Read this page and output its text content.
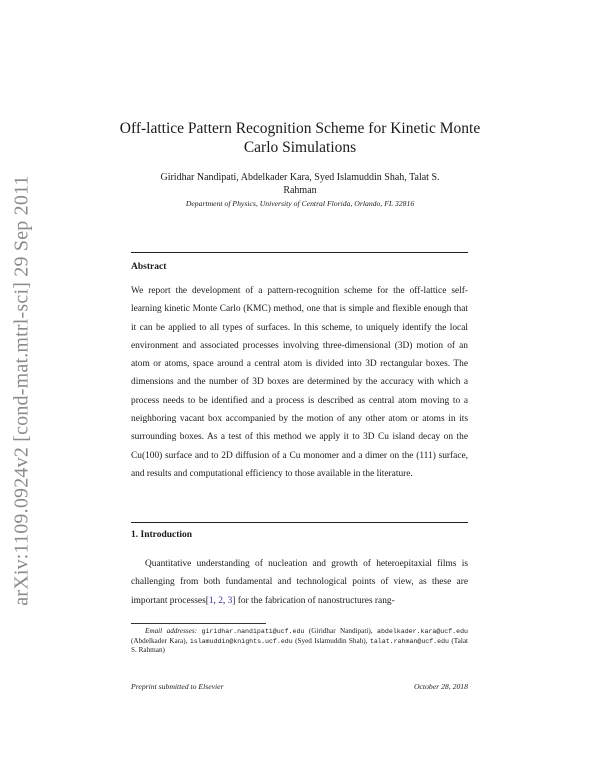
arXiv:1109.0924v2 [cond-mat.mtrl-sci] 29 Sep 2011
Off-lattice Pattern Recognition Scheme for Kinetic Monte Carlo Simulations
Giridhar Nandipati, Abdelkader Kara, Syed Islamuddin Shah, Talat S. Rahman
Department of Physics, University of Central Florida, Orlando, FL 32816
Abstract

We report the development of a pattern-recognition scheme for the off-lattice self-learning kinetic Monte Carlo (KMC) method, one that is simple and flexible enough that it can be applied to all types of surfaces. In this scheme, to uniquely identify the local environment and associated processes involving three-dimensional (3D) motion of an atom or atoms, space around a central atom is divided into 3D rectangular boxes. The dimensions and the number of 3D boxes are determined by the accuracy with which a process needs to be identified and a process is described as central atom moving to a neighboring vacant box accompanied by the motion of any other atom or atoms in its surrounding boxes. As a test of this method we apply it to 3D Cu island decay on the Cu(100) surface and to 2D diffusion of a Cu monomer and a dimer on the (111) surface, and results and computational efficiency to those available in the literature.

1. Introduction

Quantitative understanding of nucleation and growth of heteroepitaxial films is challenging from both fundamental and technological points of view, as these are important processes[1, 2, 3] for the fabrication of nanostructures rang-

Email addresses: giridhar.nandipati@ucf.edu (Giridhar Nandipati), abdelkader.kara@ucf.edu (Abdelkader Kara), islamuddin@knights.ucf.edu (Syed Islamuddin Shah), talat.rahman@ucf.edu (Talat S. Rahman)

Preprint submitted to Elsevier	October 28, 2018
